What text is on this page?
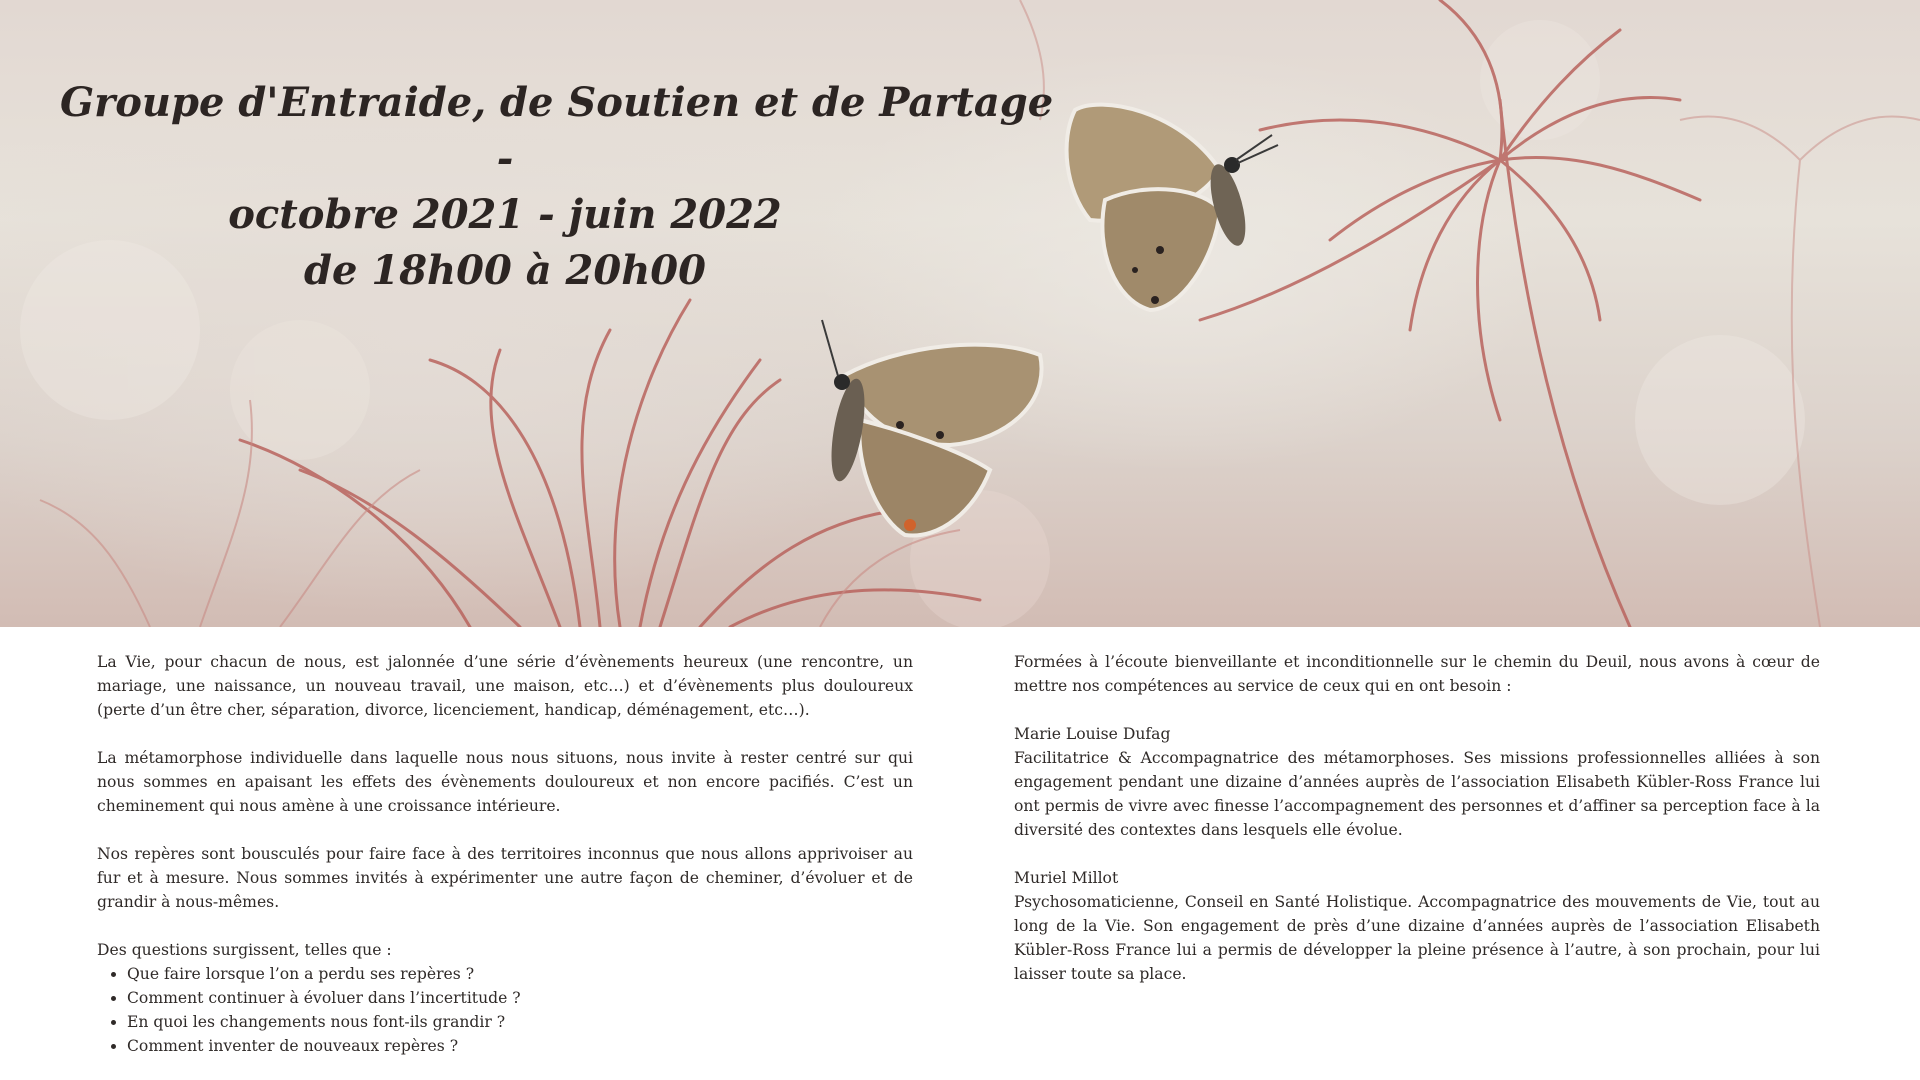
Groupe d'Entraide, de Soutien et de Partage
-
octobre 2021 - juin 2022
de 18h00 à 20h00

La Vie, pour chacun de nous, est jalonnée d’une série d’évènements heureux (une rencontre, un mariage, une naissance, un nouveau travail, une maison, etc…) et d’évènements plus douloureux (perte d’un être cher, séparation, divorce, licenciement, handicap, déménagement, etc…).

La métamorphose individuelle dans laquelle nous nous situons, nous invite à rester centré sur qui nous sommes en apaisant les effets des évènements douloureux et non encore pacifiés. C’est un cheminement qui nous amène à une croissance intérieure.

Nos repères sont bousculés pour faire face à des territoires inconnus que nous allons apprivoiser au fur et à mesure. Nous sommes invités à expérimenter une autre façon de cheminer, d’évoluer et de grandir à nous-mêmes.

Des questions surgissent, telles que :
• Que faire lorsque l’on a perdu ses repères ?
• Comment continuer à évoluer dans l’incertitude ?
• En quoi les changements nous font-ils grandir ?
• Comment inventer de nouveaux repères ?

Formées à l’écoute bienveillante et inconditionnelle sur le chemin du Deuil, nous avons à cœur de mettre nos compétences au service de ceux qui en ont besoin :

Marie Louise Dufag
Facilitatrice & Accompagnatrice des métamorphoses. Ses missions professionnelles alliées à son engagement pendant une dizaine d’années auprès de l’association Elisabeth Kübler-Ross France lui ont permis de vivre avec finesse l’accompagnement des personnes et d’affiner sa perception face à la diversité des contextes dans lesquels elle évolue.

Muriel Millot
Psychosomaticienne, Conseil en Santé Holistique. Accompagnatrice des mouvements de Vie, tout au long de la Vie. Son engagement de près d’une dizaine d’années auprès de l’association Elisabeth Kübler-Ross France lui a permis de développer la pleine présence à l’autre, à son prochain, pour lui laisser toute sa place.
